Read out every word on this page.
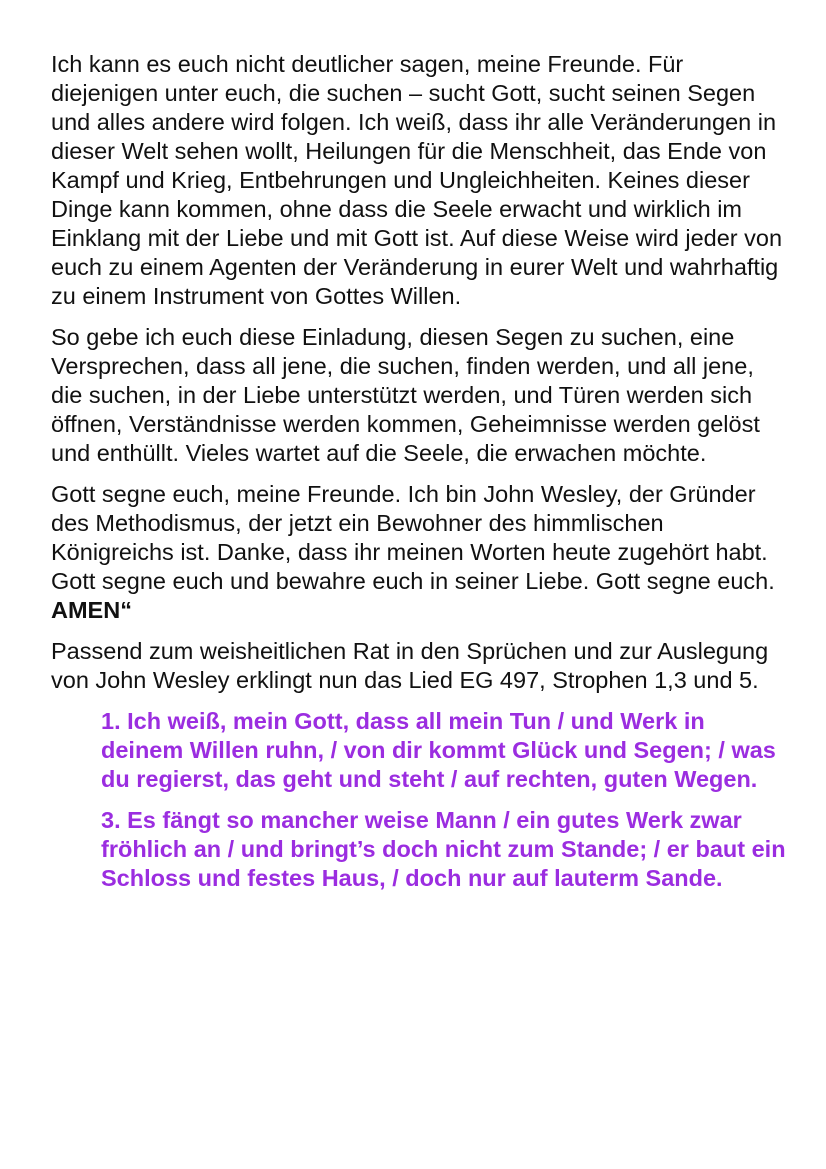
Ich kann es euch nicht deutlicher sagen, meine Freunde. Für diejenigen unter euch, die suchen – sucht Gott, sucht seinen Segen und alles andere wird folgen. Ich weiß, dass ihr alle Veränderungen in dieser Welt sehen wollt, Heilungen für die Menschheit, das Ende von Kampf und Krieg, Entbehrungen und Ungleichheiten. Keines dieser Dinge kann kommen, ohne dass die Seele erwacht und wirklich im Einklang mit der Liebe und mit Gott ist. Auf diese Weise wird jeder von euch zu einem Agenten der Veränderung in eurer Welt und wahrhaftig zu einem Instrument von Gottes Willen.

So gebe ich euch diese Einladung, diesen Segen zu suchen, eine Versprechen, dass all jene, die suchen, finden werden, und all jene, die suchen, in der Liebe unterstützt werden, und Türen werden sich öffnen, Verständnisse werden kommen, Geheimnisse werden gelöst und enthüllt. Vieles wartet auf die Seele, die erwachen möchte.

Gott segne euch, meine Freunde. Ich bin John Wesley, der Gründer des Methodismus, der jetzt ein Bewohner des himmlischen Königreichs ist. Danke, dass ihr meinen Worten heute zugehört habt. Gott segne euch und bewahre euch in seiner Liebe. Gott segne euch. AMEN“

Passend zum weisheitlichen Rat in den Sprüchen und zur Auslegung von John Wesley erklingt nun das Lied EG 497, Strophen 1,3 und 5.

1. Ich weiß, mein Gott, dass all mein Tun / und Werk in deinem Willen ruhn, / von dir kommt Glück und Segen; / was du regierst, das geht und steht / auf rechten, guten Wegen.

3. Es fängt so mancher weise Mann / ein gutes Werk zwar fröhlich an / und bringt’s doch nicht zum Stande; / er baut ein Schloss und festes Haus, / doch nur auf lauterm Sande.
